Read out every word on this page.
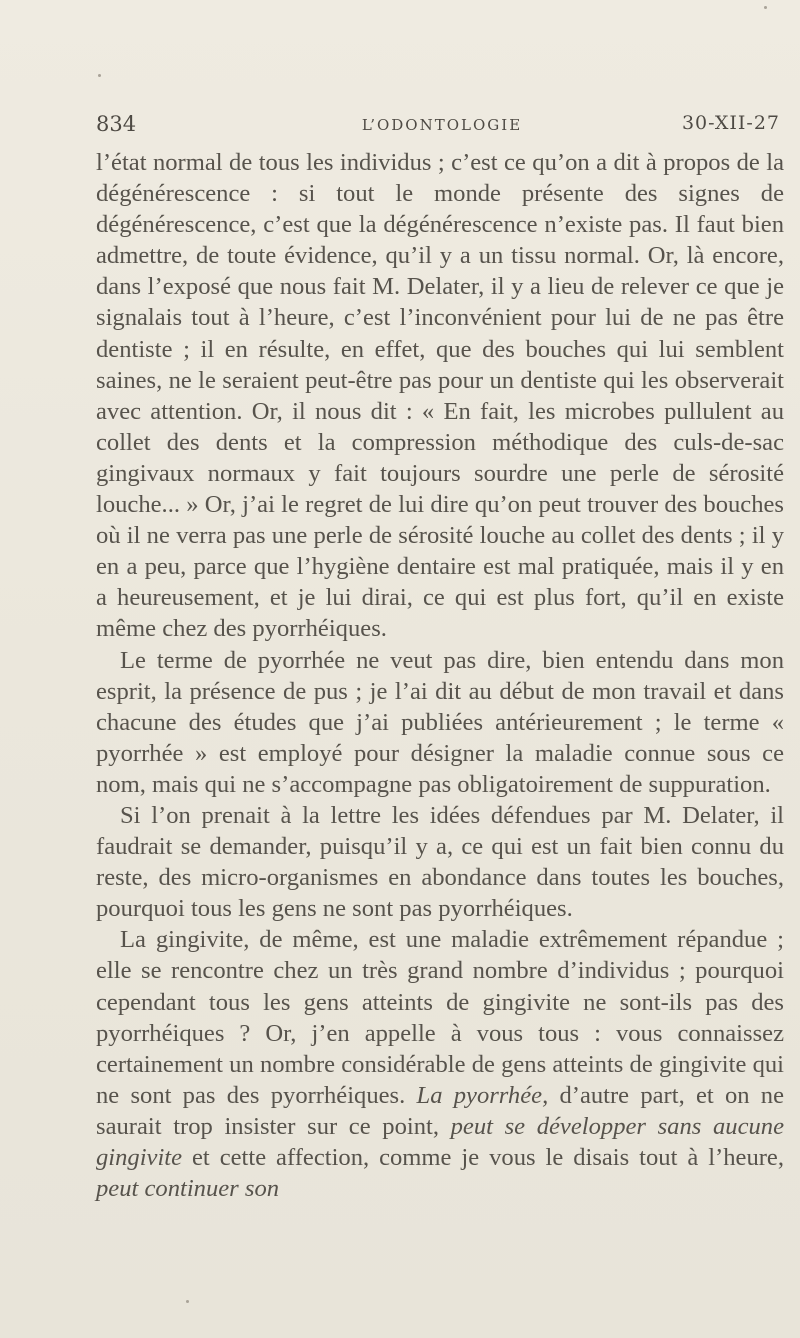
834	L’ODONTOLOGIE	30-XII-27

l’état normal de tous les individus ; c’est ce qu’on a dit à propos de la dégénérescence : si tout le monde présente des signes de dégénérescence, c’est que la dégénérescence n’existe pas. Il faut bien admettre, de toute évidence, qu’il y a un tissu normal. Or, là encore, dans l’exposé que nous fait M. Delater, il y a lieu de relever ce que je signalais tout à l’heure, c’est l’inconvénient pour lui de ne pas être dentiste ; il en résulte, en effet, que des bouches qui lui semblent saines, ne le seraient peut-être pas pour un dentiste qui les observerait avec attention. Or, il nous dit : « En fait, les microbes pullulent au collet des dents et la compression méthodique des culs-de-sac gingivaux normaux y fait toujours sourdre une perle de sérosité louche... » Or, j’ai le regret de lui dire qu’on peut trouver des bouches où il ne verra pas une perle de sérosité louche au collet des dents ; il y en a peu, parce que l’hygiène dentaire est mal pratiquée, mais il y en a heureusement, et je lui dirai, ce qui est plus fort, qu’il en existe même chez des pyorrhéiques.

Le terme de pyorrhée ne veut pas dire, bien entendu dans mon esprit, la présence de pus ; je l’ai dit au début de mon travail et dans chacune des études que j’ai publiées antérieurement ; le terme « pyorrhée » est employé pour désigner la maladie connue sous ce nom, mais qui ne s’accompagne pas obligatoirement de suppuration.

Si l’on prenait à la lettre les idées défendues par M. Delater, il faudrait se demander, puisqu’il y a, ce qui est un fait bien connu du reste, des micro-organismes en abondance dans toutes les bouches, pourquoi tous les gens ne sont pas pyorrhéiques.

La gingivite, de même, est une maladie extrêmement répandue ; elle se rencontre chez un très grand nombre d’individus ; pourquoi cependant tous les gens atteints de gingivite ne sont-ils pas des pyorrhéiques ? Or, j’en appelle à vous tous : vous connaissez certainement un nombre considérable de gens atteints de gingivite qui ne sont pas des pyorrhéiques. La pyorrhée, d’autre part, et on ne saurait trop insister sur ce point, peut se développer sans aucune gingivite et cette affection, comme je vous le disais tout à l’heure, peut continuer son
